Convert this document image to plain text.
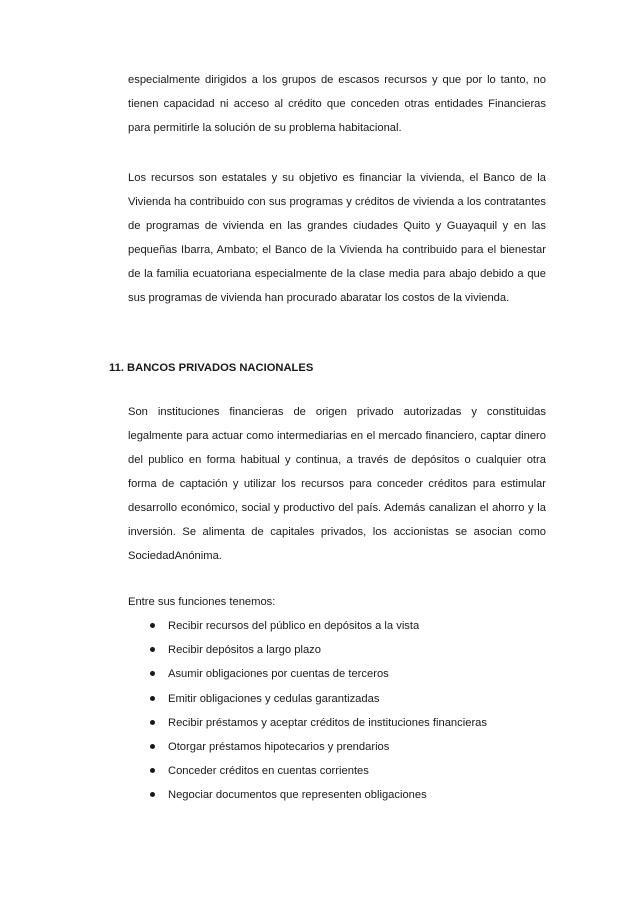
especialmente dirigidos a los grupos de escasos recursos y que por lo tanto, no tienen capacidad ni acceso al crédito que conceden otras entidades Financieras para permitirle la solución de su problema habitacional.

Los recursos son estatales y su objetivo es financiar la vivienda, el Banco de la Vivienda ha contribuido con sus programas y créditos de vivienda a los contratantes de programas de vivienda en las grandes ciudades Quito y Guayaquil y en las pequeñas Ibarra, Ambato; el Banco de la Vivienda ha contribuido para el bienestar de la familia ecuatoriana especialmente de la clase media para abajo debido a que sus programas de vivienda han procurado abaratar los costos de la vivienda.

11. BANCOS PRIVADOS NACIONALES

Son instituciones financieras de origen privado autorizadas y constituidas legalmente para actuar como intermediarias en el mercado financiero, captar dinero del publico en forma habitual y continua, a través de depósitos o cualquier otra forma de captación y utilizar los recursos para conceder créditos para estimular desarrollo económico, social y productivo del país. Además canalizan el ahorro y la inversión. Se alimenta de capitales privados, los accionistas se asocian como SociedadAnónima.

Entre sus funciones tenemos:

Recibir recursos del público en depósitos a la vista
Recibir depósitos a largo plazo
Asumir obligaciones por cuentas de terceros
Emitir obligaciones y cedulas garantizadas
Recibir préstamos y aceptar créditos de instituciones financieras
Otorgar préstamos hipotecarios y prendarios
Conceder créditos en cuentas corrientes
Negociar documentos que representen obligaciones
